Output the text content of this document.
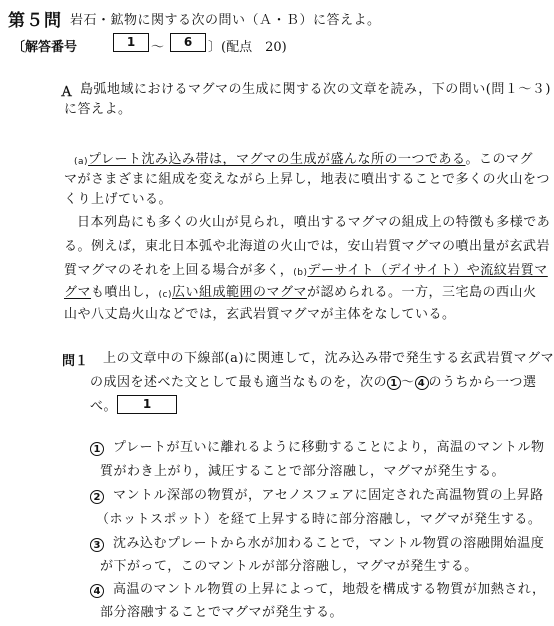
第５問 岩石・鉱物に関する次の問い（Ａ・Ｂ）に答えよ。
〔解答番号	1	〜	6	〕(配点　20)
Ａ 島弧地域におけるマグマの生成に関する次の文章を読み，下の問い(問１〜３)
に答えよ。
(a)プレート沈み込み帯は，マグマの生成が盛んな所の一つである。このマグ
マがさまざまに組成を変えながら上昇し，地表に噴出することで多くの火山をつ
くり上げている。
日本列島にも多くの火山が見られ，噴出するマグマの組成上の特徴も多様であ
る。例えば，東北日本弧や北海道の火山では，安山岩質マグマの噴出量が玄武岩
質マグマのそれを上回る場合が多く，(b)デーサイト（デイサイト）や流紋岩質マ
グマも噴出し，(c)広い組成範囲のマグマが認められる。一方，三宅島の西山火
山や八丈島火山などでは，玄武岩質マグマが主体をなしている。
問１ 上の文章中の下線部(a)に関連して，沈み込み帯で発生する玄武岩質マグマ
の成因を述べた文として最も適当なものを，次の 1 〜 4 のうちから一つ選
べ。	1
1 プレートが互いに離れるように移動することにより，高温のマントル物
質がわき上がり，減圧することで部分溶融し，マグマが発生する。
2 マントル深部の物質が，アセノスフェアに固定された高温物質の上昇路
（ホットスポット）を経て上昇する時に部分溶融し，マグマが発生する。
3 沈み込むプレートから水が加わることで，マントル物質の溶融開始温度
が下がって，このマントルが部分溶融し，マグマが発生する。
4 高温のマントル物質の上昇によって，地殻を構成する物質が加熱され，
部分溶融することでマグマが発生する。
